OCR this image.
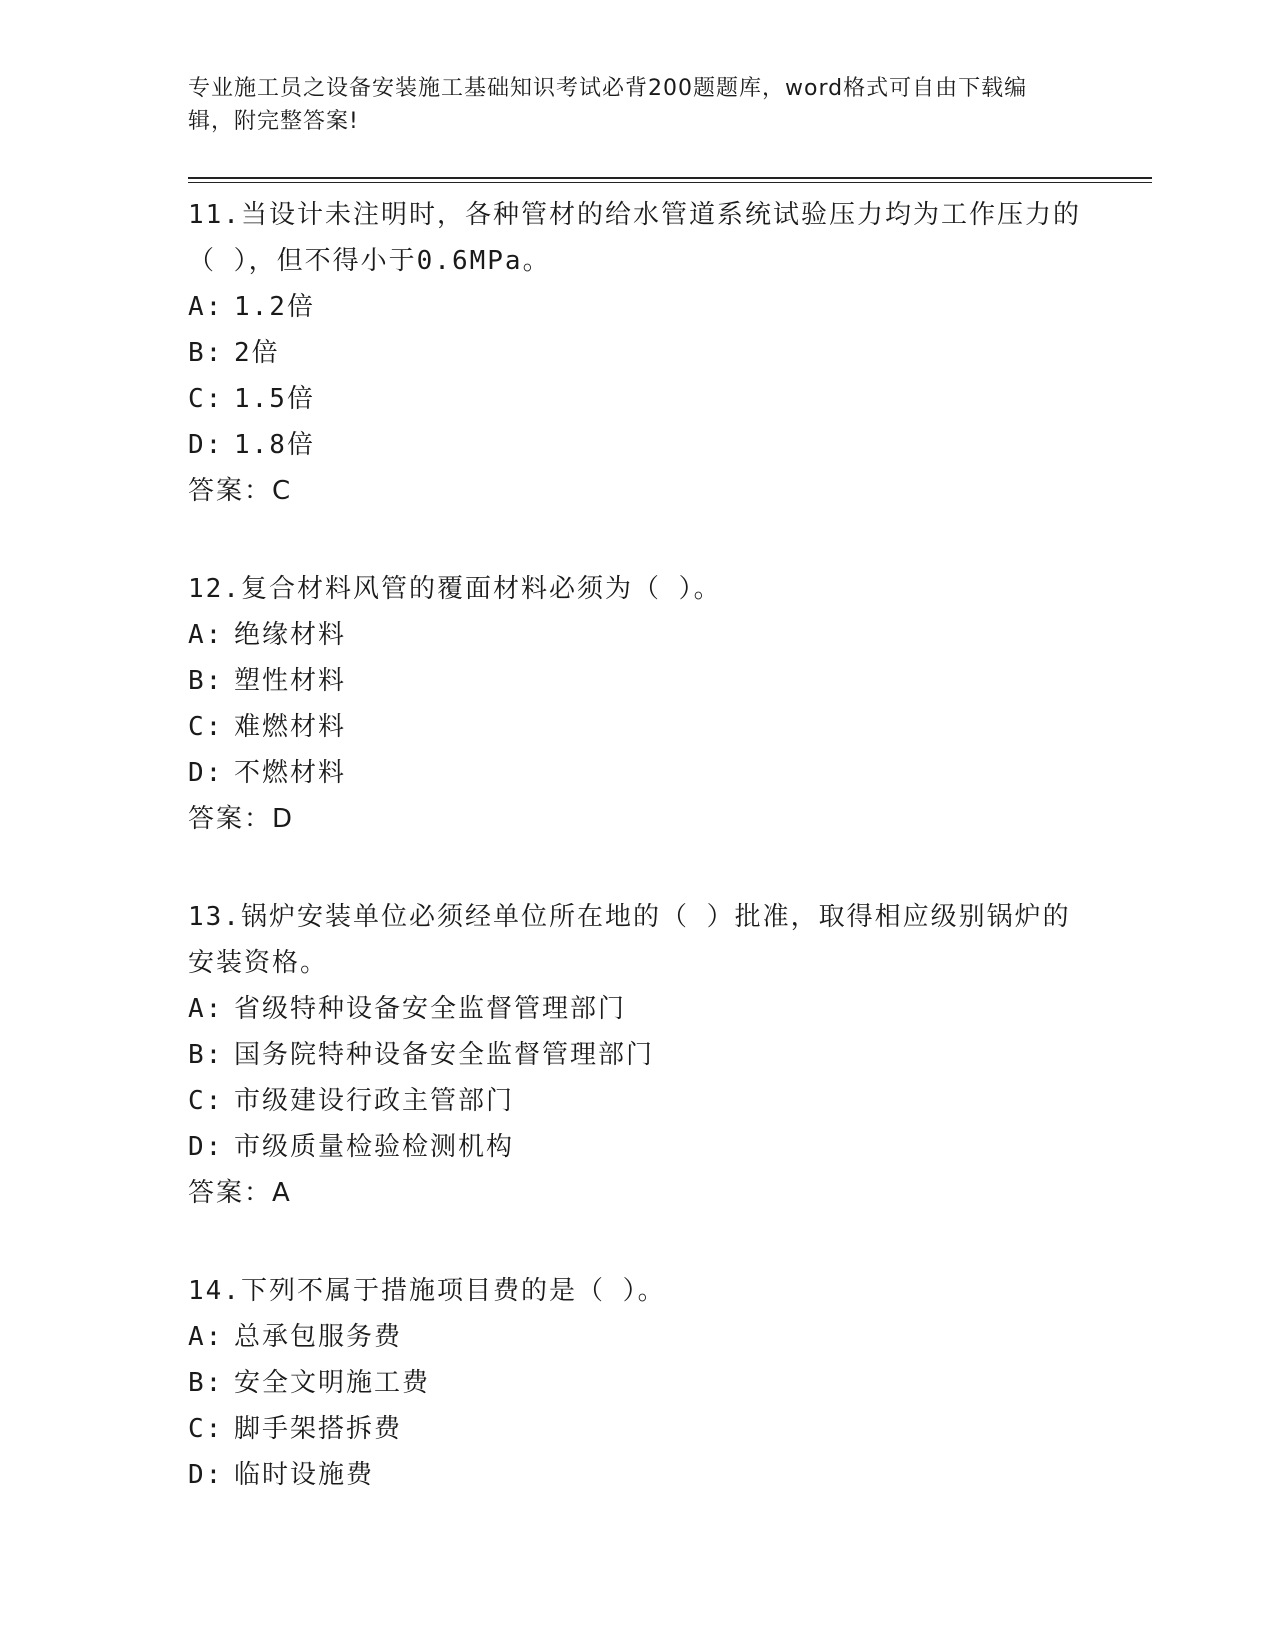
专业施工员之设备安装施工基础知识考试必背200题题库，word格式可自由下载编辑，附完整答案!
11.当设计未注明时，各种管材的给水管道系统试验压力均为工作压力的（ ），但不得小于0.6MPa。
A: 1.2倍
B: 2倍
C: 1.5倍
D: 1.8倍
答案：C
12.复合材料风管的覆面材料必须为（ ）。
A: 绝缘材料
B: 塑性材料
C: 难燃材料
D: 不燃材料
答案：D
13.锅炉安装单位必须经单位所在地的（ ）批准，取得相应级别锅炉的安装资格。
A: 省级特种设备安全监督管理部门
B: 国务院特种设备安全监督管理部门
C: 市级建设行政主管部门
D: 市级质量检验检测机构
答案：A
14.下列不属于措施项目费的是（ ）。
A: 总承包服务费
B: 安全文明施工费
C: 脚手架搭拆费
D: 临时设施费
